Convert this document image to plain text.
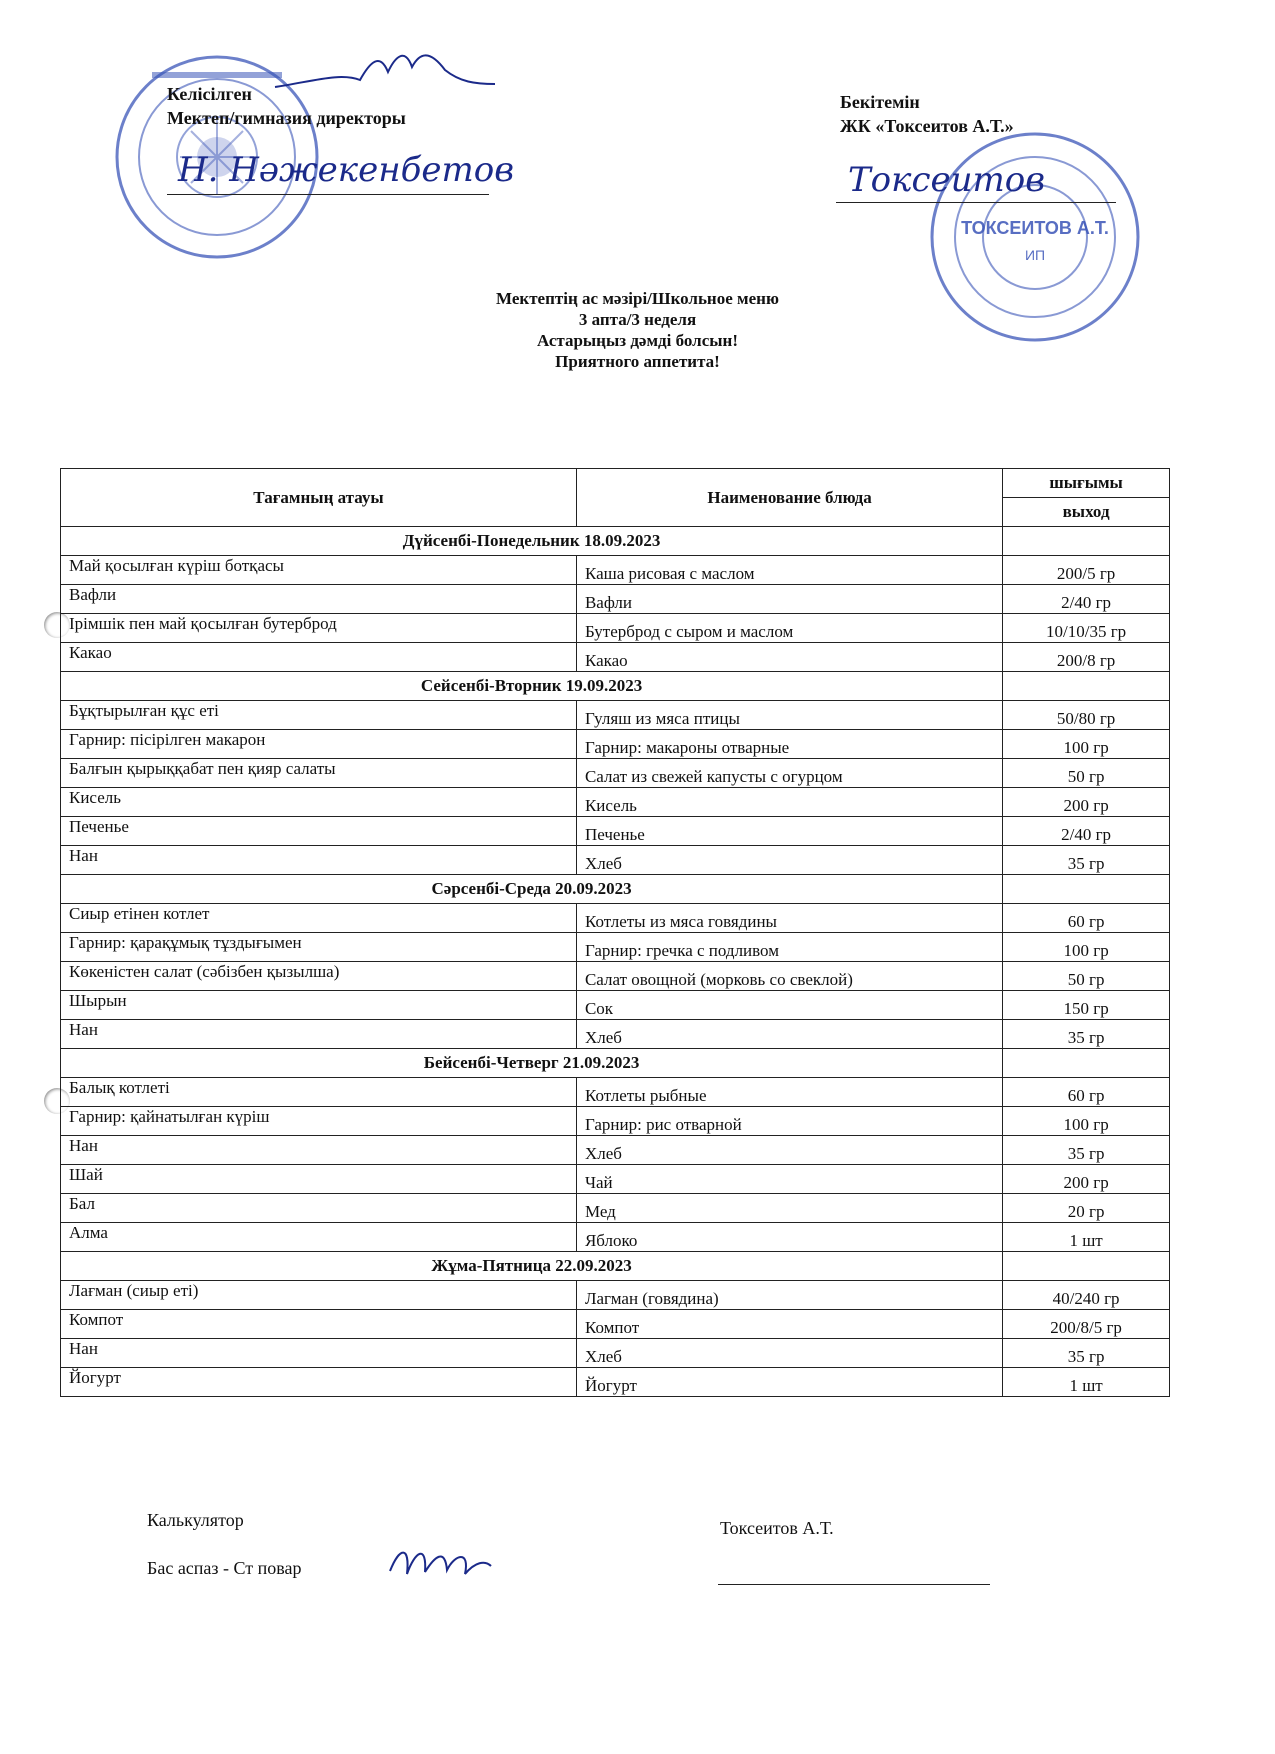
ТОКСЕИТОВ А.Т.
ИП
Келісілген
Мектеп/гимназия директоры
Н. Нәжекенбетов
Бекітемін
ЖК «Токсеитов А.Т.»
Токсеитов
Мектептің ас мәзірі/Школьное меню
3 апта/3 неделя
Астарыңыз дәмді болсын!
Приятного аппетита!
Тағамның атауы	Наименование блюда	шығымы
		выход
Дүйсенбі-Понедельник 18.09.2023		
Май қосылған күріш ботқасы	Каша рисовая с маслом	200/5 гр
Вафли	Вафли	2/40 гр
Ірімшік пен май қосылған бутерброд	Бутерброд с сыром и маслом	10/10/35 гр
Какао	Какао	200/8 гр
Сейсенбі-Вторник 19.09.2023		
Бұқтырылған құс еті	Гуляш из мяса птицы	50/80 гр
Гарнир: пісірілген макарон	Гарнир: макароны отварные	100 гр
Балғын қырыққабат пен қияр салаты	Салат из свежей капусты с огурцом	50 гр
Кисель	Кисель	200 гр
Печенье	Печенье	2/40 гр
Нан	Хлеб	35 гр
Сәрсенбі-Среда 20.09.2023		
Сиыр етінен котлет	Котлеты из мяса говядины	60 гр
Гарнир: қарақұмық тұздығымен	Гарнир: гречка с подливом	100 гр
Көкеністен салат (сәбізбен қызылша)	Салат овощной (морковь со свеклой)	50 гр
Шырын	Сок	150 гр
Нан	Хлеб	35 гр
Бейсенбі-Четверг 21.09.2023		
Балық котлеті	Котлеты рыбные	60 гр
Гарнир: қайнатылған күріш	Гарнир: рис отварной	100 гр
Нан	Хлеб	35 гр
Шай	Чай	200 гр
Бал	Мед	20 гр
Алма	Яблоко	1 шт
Жұма-Пятница 22.09.2023		
Лағман (сиыр еті)	Лагман (говядина)	40/240 гр
Компот	Компот	200/8/5 гр
Нан	Хлеб	35 гр
Йогурт	Йогурт	1 шт
Калькулятор
Бас аспаз - Ст повар
Токсеитов А.Т.
